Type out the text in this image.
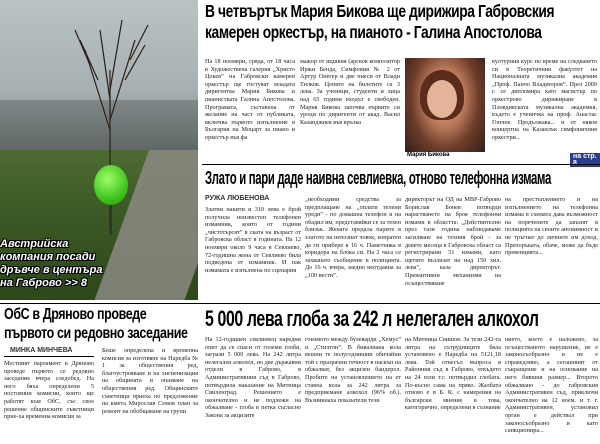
Австрийска компания посади дръвче в центъра на Габрово >> 8
В четвъртък Мария Бикова ще дирижира Габровския
камерен оркестър, на пианото - Галина Апостолова
На 18 ноември, сряда, от 18 часа в Художествена галерия „Христо Цокев” на Габровски камерен оркестър ще гостуват младата диригентка Мария Бикова и пианистката Галина Апостолова. Програмата, съставена от желание на част от публиката, включва първото изпълнение в България на Моцарт за пиано и оркестър във фа
мажор от ицшкия (арсков композитор Иржи Бенда, Симфония № 2 от Артур Онегер и две пиеси от Влади Тилков. Цените на билетите са 3 лева. За ученици, студенти и лица над 65 години входът е свободен. Мария Бикова започва първите си уроци по диригенти от акад. Васил Казанджиев във връзка
Мария Бикова
културния курс по време на следването си в Теоретичния факултет на Националната музикална академия „Проф. Панчо Владигеров”. През 2009 г. се дипломира като магистър по оркестрово дирижиране в Пловдивската музикална академия, където е ученичка на проф. Анастас Гончев. Продължава... и от някоя концертна на Казанлък симфоничния оркестри...
на стр.
Злато и пари даде наивна севлиевка, отново телефонна измама
РУЖА ЛЮБЕНОВА
Златни накити и 310 лева е брой получила неизвестен телефонен измамник, които от години „чистотърсят” в ската на възраст от Габровска област в годината. На 12 ноември около 9 часа в Севлиево, 72-годишна жена от Севлиево била подведена от измамник. И пак измамата е изпълнена по сценария
„необходими средства за предплащане на „оплати телени уреди” - по домашна телефон и на обадил им, представяйки се за техен близък. Жената предала парите в златото на непознат човек, изпратен да ги прибере в 16 ч. Паметника в коридора на блока си. На 2 часа се захванато съобщение в полицията. До 16 ч. вчера, заедно неотдавна за „100 вести”.
директорът на ОД на МВР-Габрово Борислав Бонев потвърди нарастването на броя телефонни измами в областта: „Действително през тази година наблюдаваме засилване на техния брой - за девете месеца в Габровска област са регистрирани 51 измами, като щетите възлизат на над 150 хил. лева”, каза директорът. Превантивни механизми на осъществяване
на престъплението и на изпълнението на телефонна измама в схемата дава възможност на поречените да запазят в полицията на своите анонимност и не тръгнат до личните им доход. Препоръката, обаче, може да бъде превенцията...
ОбС в Дряново проведе
първото си редовно заседание
МИНКА МИНЧЕВА
Местният парламент в Дряново проведе първото се редовно заседание вчера следобед. На него бяха определени 5 постоянни комисии, които ще работят към ОбС, със свое решение общинските съветници прие-ха временна комисия за
Беше определена и временна комисия за изготвяне на Наредба № 1 за обществения ред, благоустрояване и на хигиенизация на общината и опазване на обществения ред. Общинските съветници приеха по предложение на кмета Мирослав Семов план за ремонт на обобщаване на групи
5 000 лева глоба за 242 л нелегален алкохол
На 12-годишен севлиевец наредни опит да се спаси от големи глоби, загрази 5 000 лева. На 242 литра нелегален алкохол, но две държавни отдели в Габрово, в Административния съд в Габрово, потвърдила наказание на Митница Свиленград. Решението е окончателно и не подлежи на обжалване - глоба в петка съгласно Закона за акцизите
гоизмото между булеварди „Хемус” и „Стилтон”. В бивалнана кола вешни те полугоднишни обичайни той с празрачни течност в наскъп на обжалват, без акцизен бандерол. Пробите на установлението на ет ставна кола за 242 литра за предприемане алкохол (96% об.). Възникнаха показатели тези
на Митница Свишов. За тези 242-та литра на сътрудниците бяла установено е Наредба на 5121,18 лева. Той отнесъл въпроса в Районния съд в Габрово, откъдето на 24 юли т.г. потвърдил глобата. По-късно сама на пряко. Жалбата отново е в Б. К. с намерения на български мнение в това, категорично, определени в съзнание
нието, което е наложено, за осъществаното нарушение, не е законосъобразно и не е справедливо, а сегашният от съкращение и на основание на него бившия размер... Второто обжалвано - до габровския Административен съд, приключи окончателно на 12 ноем. и т. г. Административен, установил орган е действал при законосъобразно и като санкционира...
